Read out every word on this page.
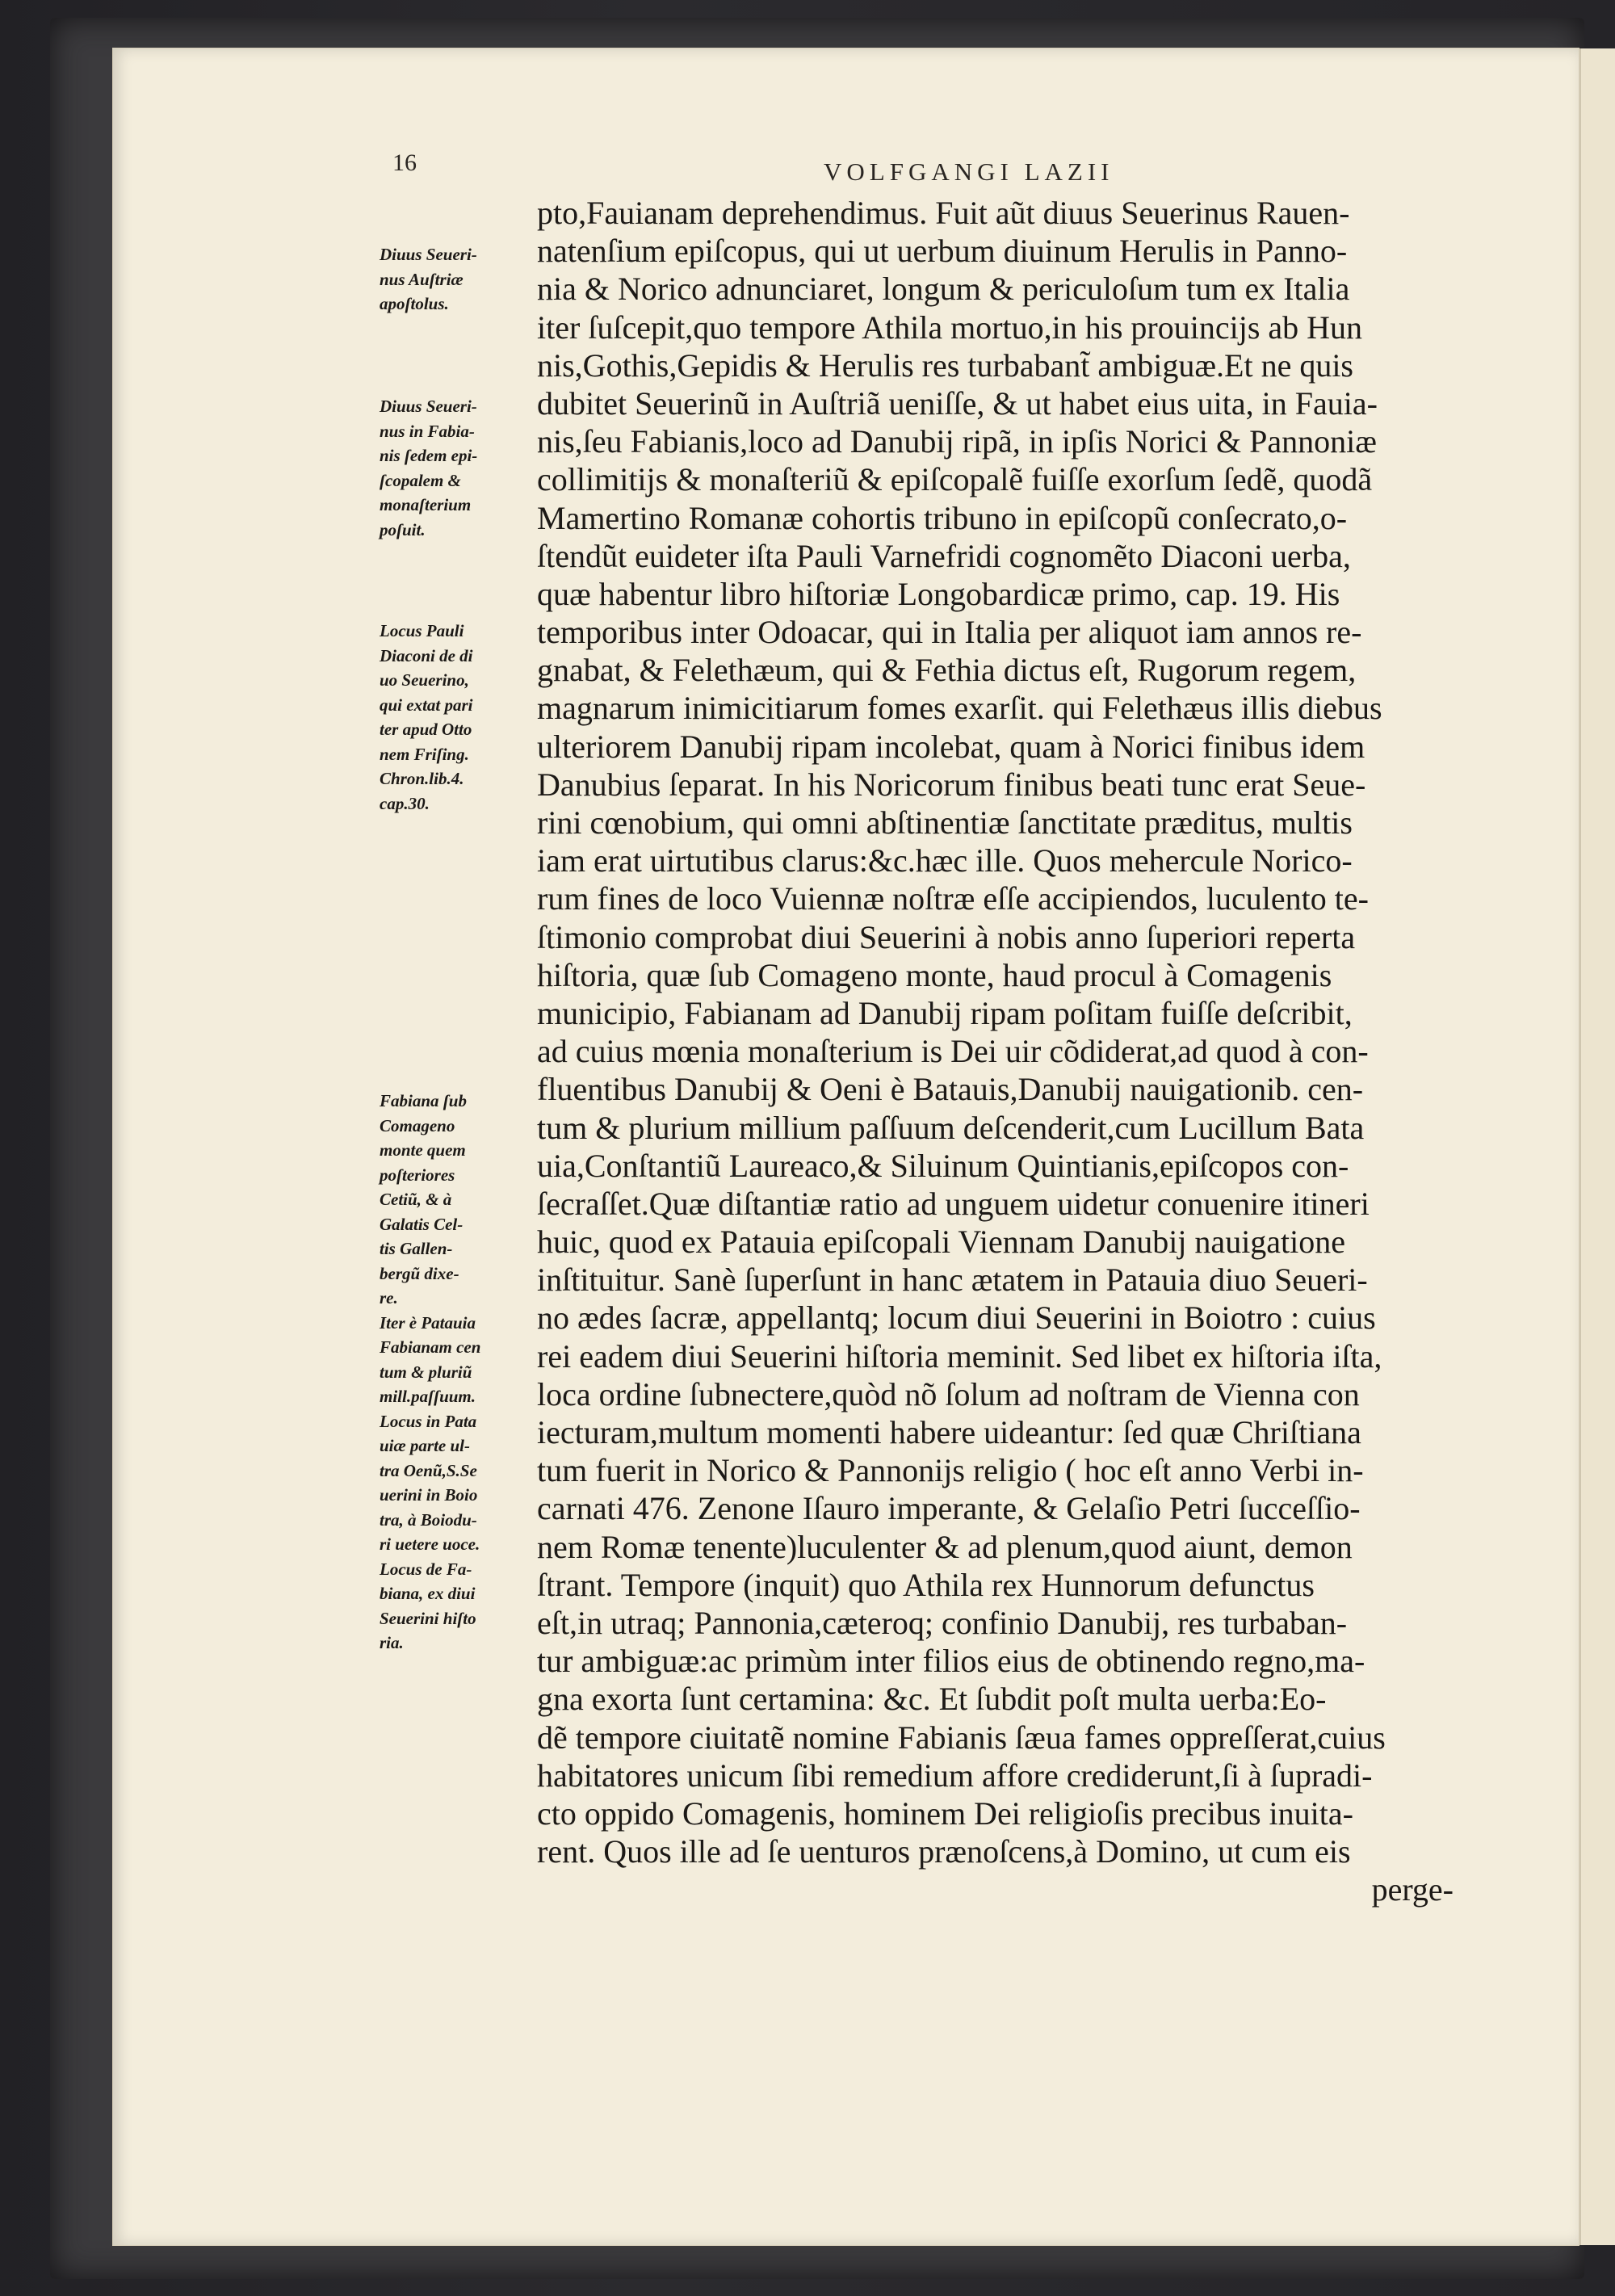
16	VOLFGANGI LAZII
pto,Fauianam deprehendimus. Fuit aũt diuus Seuerinus Rauen-
natenſium epiſcopus, qui ut uerbum diuinum Herulis in Panno-
nia & Norico adnunciaret, longum & periculoſum tum ex Italia
iter ſuſcepit,quo tempore Athila mortuo,in his prouincijs ab Hun
nis,Gothis,Gepidis & Herulis res turbabant̃ ambiguæ.Et ne quis
dubitet Seuerinũ in Auſtriã ueniſſe, & ut habet eius uita, in Fauia-
nis,ſeu Fabianis,loco ad Danubij ripã, in ipſis Norici & Pannoniæ
collimitijs & monaſteriũ & epiſcopalẽ fuiſſe exorſum ſedẽ, quodã
Mamertino Romanæ cohortis tribuno in epiſcopũ conſecrato,o-
ſtendũt euideter iſta Pauli Varnefridi cognomẽto Diaconi uerba,
quæ habentur libro hiſtoriæ Longobardicæ primo, cap. 19. His
temporibus inter Odoacar, qui in Italia per aliquot iam annos re-
gnabat, & Felethæum, qui & Fethia dictus eſt, Rugorum regem,
magnarum inimicitiarum fomes exarſit. qui Felethæus illis diebus
ulteriorem Danubij ripam incolebat, quam à Norici finibus idem
Danubius ſeparat. In his Noricorum finibus beati tunc erat Seue-
rini cœnobium, qui omni abſtinentiæ ſanctitate præditus, multis
iam erat uirtutibus clarus:&c.hæc ille. Quos mehercule Norico-
rum fines de loco Vuiennæ noſtræ eſſe accipiendos, luculento te-
ſtimonio comprobat diui Seuerini à nobis anno ſuperiori reperta
hiſtoria, quæ ſub Comageno monte, haud procul à Comagenis
municipio, Fabianam ad Danubij ripam poſitam fuiſſe deſcribit,
ad cuius mœnia monaſterium is Dei uir cõdiderat,ad quod à con-
fluentibus Danubij & Oeni è Batauis,Danubij nauigationib. cen-
tum & plurium millium paſſuum deſcenderit,cum Lucillum Bata
uia,Conſtantiũ Laureaco,& Siluinum Quintianis,epiſcopos con-
ſecraſſet.Quæ diſtantiæ ratio ad unguem uidetur conuenire itineri
huic, quod ex Patauia epiſcopali Viennam Danubij nauigatione
inſtituitur. Sanè ſuperſunt in hanc ætatem in Patauia diuo Seueri-
no ædes ſacræ, appellantq; locum diui Seuerini in Boiotro : cuius
rei eadem diui Seuerini hiſtoria meminit. Sed libet ex hiſtoria iſta,
loca ordine ſubnectere,quòd nõ ſolum ad noſtram de Vienna con
iecturam,multum momenti habere uideantur: ſed quæ Chriſtiana
tum fuerit in Norico & Pannonijs religio ( hoc eſt anno Verbi in-
carnati 476. Zenone Iſauro imperante, & Gelaſio Petri ſucceſſio-
nem Romæ tenente)luculenter & ad plenum,quod aiunt, demon
ſtrant. Tempore (inquit) quo Athila rex Hunnorum defunctus
eſt,in utraq; Pannonia,cæteroq; confinio Danubij, res turbaban-
tur ambiguæ:ac primùm inter filios eius de obtinendo regno,ma-
gna exorta ſunt certamina: &c. Et ſubdit poſt multa uerba:Eo-
dẽ tempore ciuitatẽ nomine Fabianis ſæua fames oppreſſerat,cuius
habitatores unicum ſibi remedium affore crediderunt,ſi à ſupradi-
cto oppido Comagenis, hominem Dei religioſis precibus inuita-
rent. Quos ille ad ſe uenturos prænoſcens,à Domino, ut cum eis
perge-
Diuus Seueri-
nus Auſtriæ
apoſtolus.
Diuus Seueri-
nus in Fabia-
nis ſedem epi-
ſcopalem &
monaſterium
poſuit.
Locus Pauli
Diaconi de di
uo Seuerino,
qui extat pari
ter apud Otto
nem Friſing.
Chron.lib.4.
cap.30.
Fabiana ſub
Comageno
monte quem
poſteriores
Cetiũ, & à
Galatis Cel-
tis Gallen-
bergũ dixe-
re.
Iter è Patauia
Fabianam cen
tum & pluriũ
mill.paſſuum.
Locus in Pata
uiæ parte ul-
tra Oenũ,S.Se
uerini in Boio
tra, à Boiodu-
ri uetere uoce.
Locus de Fa-
biana, ex diui
Seuerini hiſto
ria.
